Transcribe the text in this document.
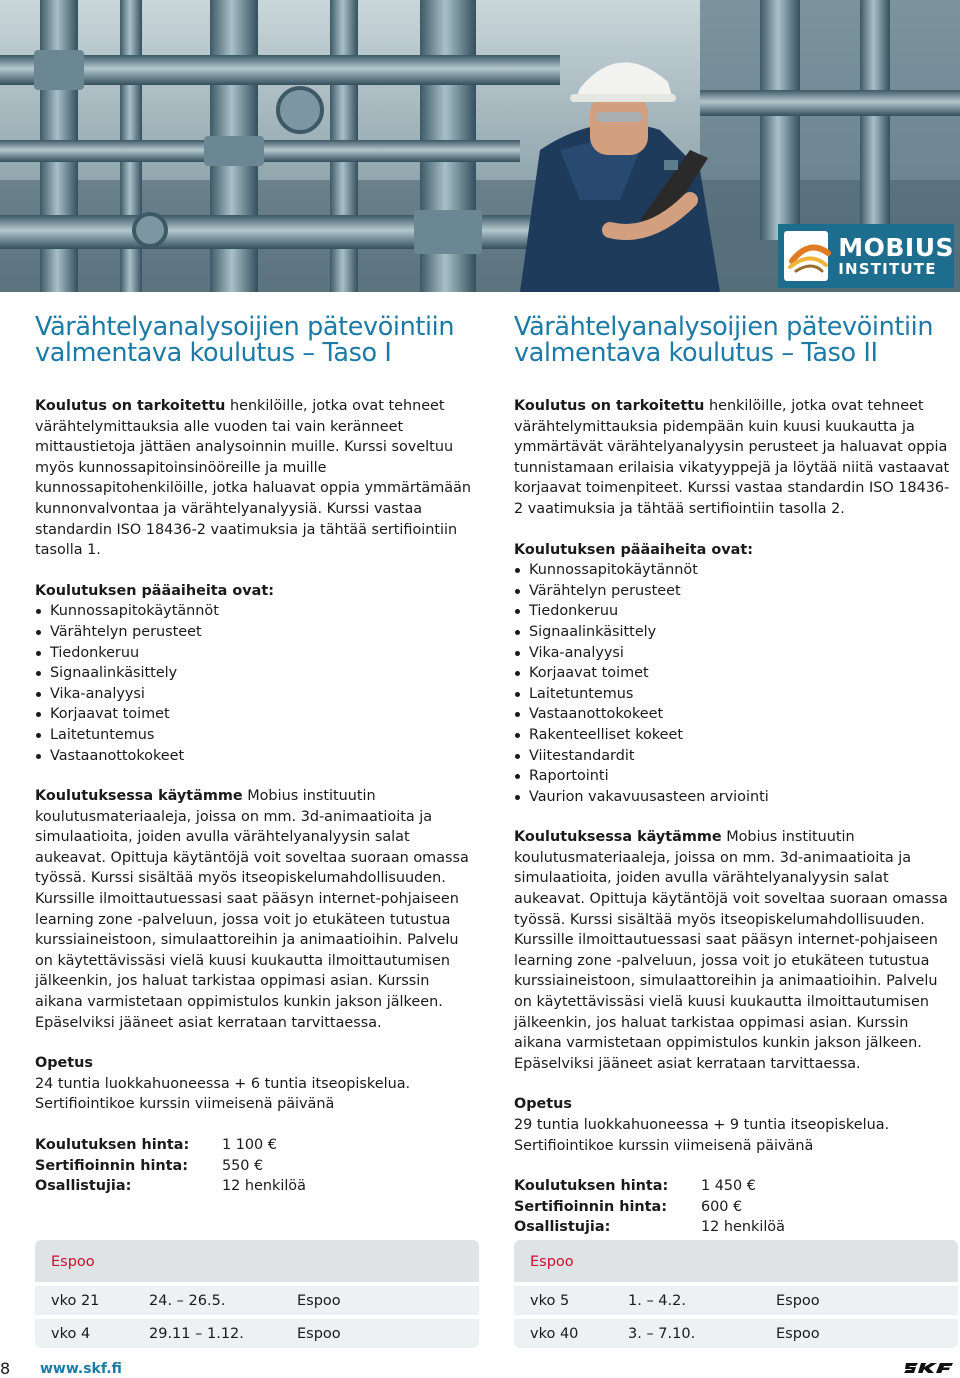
MOBIUS
INSTITUTE
Värähtelyanalysoijien pätevöintiin
valmentava koulutus – Taso I

Koulutus on tarkoitettu henkilöille, jotka ovat tehneet värähtelymittauksia alle vuoden tai vain keränneet mittaustietoja jättäen analysoinnin muille. Kurssi soveltuu myös kunnossapitoinsinööreille ja muille kunnossapitohenkilöille, jotka haluavat oppia ymmärtämään kunnonvalvontaa ja värähtelyanalyysiä. Kurssi vastaa standardin ISO 18436-2 vaatimuksia ja tähtää sertifiointiin tasolla 1.

Koulutuksen pääaiheita ovat:
Kunnossapitokäytännöt
Värähtelyn perusteet
Tiedonkeruu
Signaalinkäsittely
Vika-analyysi
Korjaavat toimet
Laitetuntemus
Vastaanottokokeet

Koulutuksessa käytämme Mobius instituutin koulutusmateriaaleja, joissa on mm. 3d-animaatioita ja simulaatioita, joiden avulla värähtelyanalyysin salat aukeavat. Opittuja käytäntöjä voit soveltaa suoraan omassa työssä. Kurssi sisältää myös itseopiskelumahdollisuuden. Kurssille ilmoittautuessasi saat pääsyn internet-pohjaiseen learning zone -palveluun, jossa voit jo etukäteen tutustua kurssiaineistoon, simulaattoreihin ja animaatioihin. Palvelu on käytettävissäsi vielä kuusi kuukautta ilmoittautumisen jälkeenkin, jos haluat tarkistaa oppimasi asian. Kurssin aikana varmistetaan oppimistulos kunkin jakson jälkeen. Epäselviksi jääneet asiat kerrataan tarvittaessa.

Opetus
24 tuntia luokkahuoneessa + 6 tuntia itseopiskelua.
Sertifiointikoe kurssin viimeisenä päivänä
Koulutuksen hinta:	1 100 €
Sertifioinnin hinta:	550 €
Osallistujia:	12 henkilöä
Värähtelyanalysoijien pätevöintiin
valmentava koulutus – Taso II

Koulutus on tarkoitettu henkilöille, jotka ovat tehneet värähtelymittauksia pidempään kuin kuusi kuukautta ja ymmärtävät värähtelyanalyysin perusteet ja haluavat oppia tunnistamaan erilaisia vikatyyppejä ja löytää niitä vastaavat korjaavat toimenpiteet. Kurssi vastaa standardin ISO 18436-2 vaatimuksia ja tähtää sertifiointiin tasolla 2.

Koulutuksen pääaiheita ovat:
Kunnossapitokäytännöt
Värähtelyn perusteet
Tiedonkeruu
Signaalinkäsittely
Vika-analyysi
Korjaavat toimet
Laitetuntemus
Vastaanottokokeet
Rakenteelliset kokeet
Viitestandardit
Raportointi
Vaurion vakavuusasteen arviointi

Koulutuksessa käytämme Mobius instituutin koulutusmateriaaleja, joissa on mm. 3d-animaatioita ja simulaatioita, joiden avulla värähtelyanalyysin salat aukeavat. Opittuja käytäntöjä voit soveltaa suoraan omassa työssä. Kurssi sisältää myös itseopiskelumahdollisuuden. Kurssille ilmoittautuessasi saat pääsyn internet-pohjaiseen learning zone -palveluun, jossa voit jo etukäteen tutustua kurssiaineistoon, simulaattoreihin ja animaatioihin. Palvelu on käytettävissäsi vielä kuusi kuukautta ilmoittautumisen jälkeenkin, jos haluat tarkistaa oppimasi asian. Kurssin aikana varmistetaan oppimistulos kunkin jakson jälkeen. Epäselviksi jääneet asiat kerrataan tarvittaessa.

Opetus
29 tuntia luokkahuoneessa + 9 tuntia itseopiskelua.
Sertifiointikoe kurssin viimeisenä päivänä
Koulutuksen hinta:	1 450 €
Sertifioinnin hinta:	600 €
Osallistujia:	12 henkilöä
Espoo
vko 21	24. – 26.5.	Espoo
vko 4	29.11 – 1.12.	Espoo
Espoo
vko 5	1. – 4.2.	Espoo
vko 40	3. – 7.10.	Espoo
8 www.skf.fi
